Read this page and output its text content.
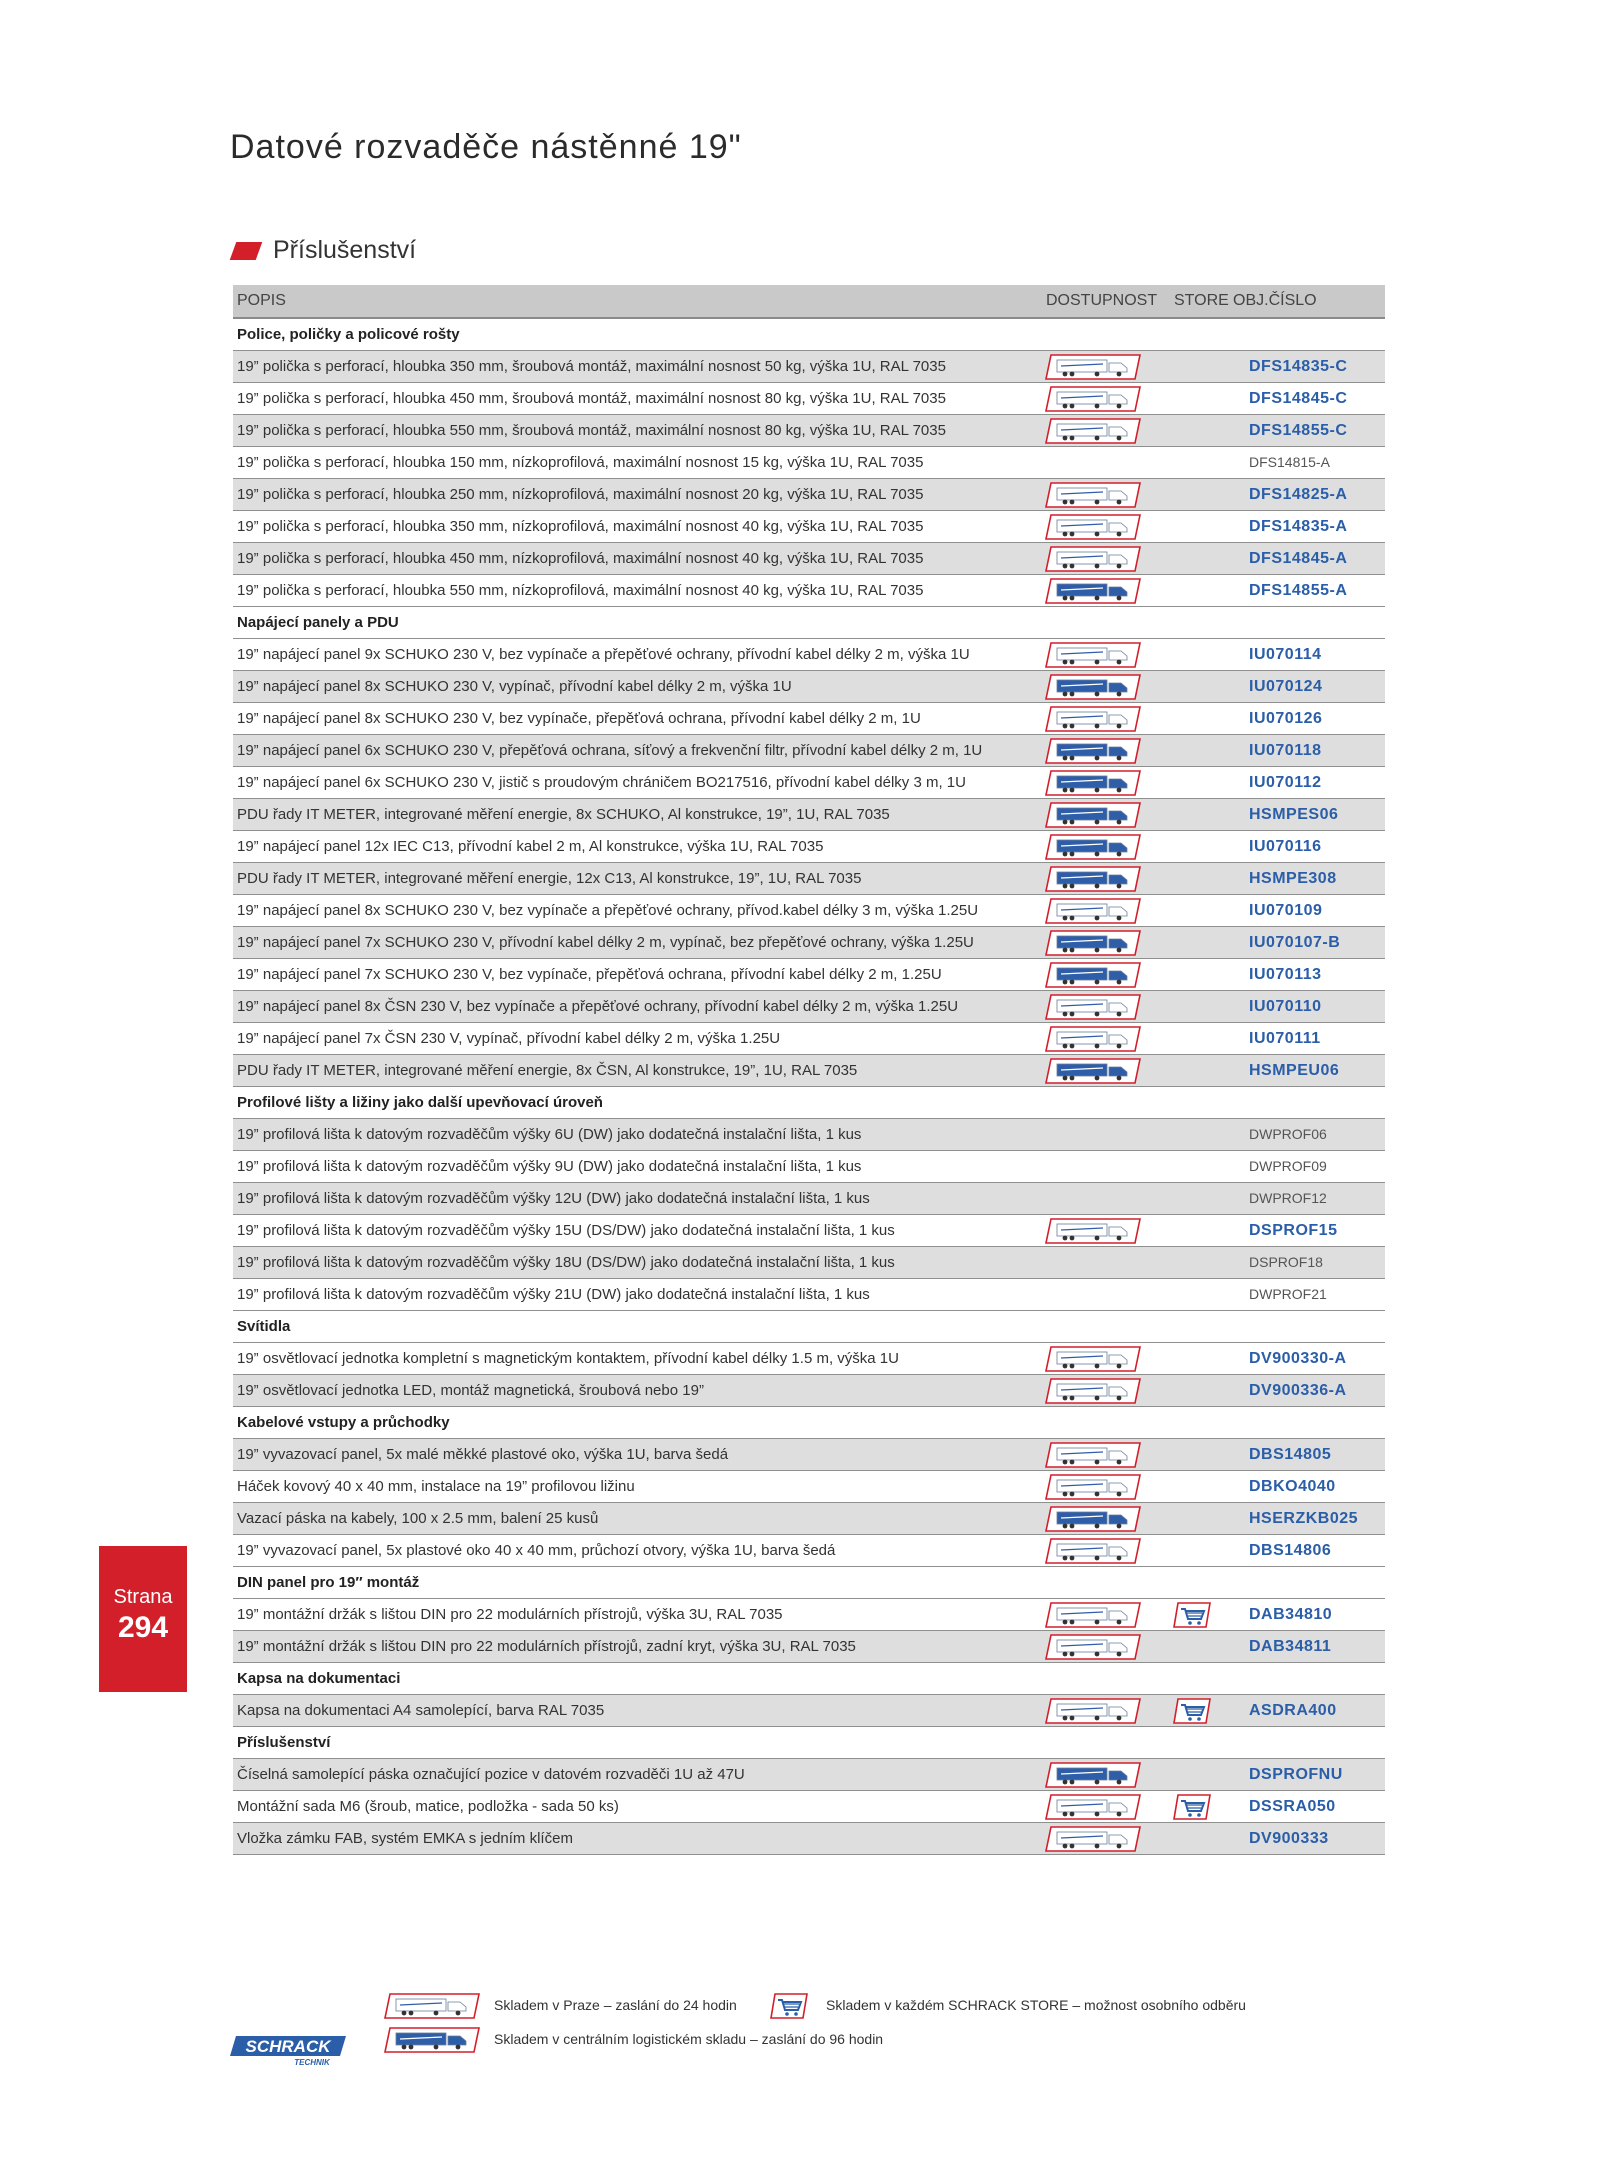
Datové rozvaděče nástěnné 19"
Příslušenství
POPIS	DOSTUPNOST STORE OBJ.ČÍSLO
Police, poličky a policové rošty
19” polička s perforací, hloubka 350 mm, šroubová montáž, maximální nosnost 50 kg, výška 1U, RAL 7035	DFS14835-C
19” polička s perforací, hloubka 450 mm, šroubová montáž, maximální nosnost 80 kg, výška 1U, RAL 7035	DFS14845-C
19” polička s perforací, hloubka 550 mm, šroubová montáž, maximální nosnost 80 kg, výška 1U, RAL 7035	DFS14855-C
19” polička s perforací, hloubka 150 mm, nízkoprofilová, maximální nosnost 15 kg, výška 1U, RAL 7035	DFS14815-A
19” polička s perforací, hloubka 250 mm, nízkoprofilová, maximální nosnost 20 kg, výška 1U, RAL 7035	DFS14825-A
19” polička s perforací, hloubka 350 mm, nízkoprofilová, maximální nosnost 40 kg, výška 1U, RAL 7035	DFS14835-A
19” polička s perforací, hloubka 450 mm, nízkoprofilová, maximální nosnost 40 kg, výška 1U, RAL 7035	DFS14845-A
19” polička s perforací, hloubka 550 mm, nízkoprofilová, maximální nosnost 40 kg, výška 1U, RAL 7035	DFS14855-A
Napájecí panely a PDU
19” napájecí panel 9x SCHUKO 230 V, bez vypínače a přepěťové ochrany, přívodní kabel délky 2 m, výška 1U	IU070114
19” napájecí panel 8x SCHUKO 230 V, vypínač, přívodní kabel délky 2 m, výška 1U	IU070124
19” napájecí panel 8x SCHUKO 230 V, bez vypínače, přepěťová ochrana, přívodní kabel délky 2 m, 1U	IU070126
19” napájecí panel 6x SCHUKO 230 V, přepěťová ochrana, síťový a frekvenční filtr, přívodní kabel délky 2 m, 1U	IU070118
19” napájecí panel 6x SCHUKO 230 V, jistič s proudovým chráničem BO217516, přívodní kabel délky 3 m, 1U	IU070112
PDU řady IT METER, integrované měření energie, 8x SCHUKO, Al konstrukce, 19”, 1U, RAL 7035	HSMPES06
19” napájecí panel 12x IEC C13, přívodní kabel 2 m, Al konstrukce, výška 1U, RAL 7035	IU070116
PDU řady IT METER, integrované měření energie, 12x C13, Al konstrukce, 19”, 1U, RAL 7035	HSMPE308
19” napájecí panel 8x SCHUKO 230 V, bez vypínače a přepěťové ochrany, přívod.kabel délky 3 m, výška 1.25U	IU070109
19” napájecí panel 7x SCHUKO 230 V, přívodní kabel délky 2 m, vypínač, bez přepěťové ochrany, výška 1.25U	IU070107-B
19” napájecí panel 7x SCHUKO 230 V, bez vypínače, přepěťová ochrana, přívodní kabel délky 2 m, 1.25U	IU070113
19” napájecí panel 8x ČSN 230 V, bez vypínače a přepěťové ochrany, přívodní kabel délky 2 m, výška 1.25U	IU070110
19” napájecí panel 7x ČSN 230 V, vypínač, přívodní kabel délky 2 m, výška 1.25U	IU070111
PDU řady IT METER, integrované měření energie, 8x ČSN, Al konstrukce, 19”, 1U, RAL 7035	HSMPEU06
Profilové lišty a ližiny jako další upevňovací úroveň
19” profilová lišta k datovým rozvaděčům výšky 6U (DW) jako dodatečná instalační lišta, 1 kus	DWPROF06
19” profilová lišta k datovým rozvaděčům výšky 9U (DW) jako dodatečná instalační lišta, 1 kus	DWPROF09
19” profilová lišta k datovým rozvaděčům výšky 12U (DW) jako dodatečná instalační lišta, 1 kus	DWPROF12
19” profilová lišta k datovým rozvaděčům výšky 15U (DS/DW) jako dodatečná instalační lišta, 1 kus	DSPROF15
19” profilová lišta k datovým rozvaděčům výšky 18U (DS/DW) jako dodatečná instalační lišta, 1 kus	DSPROF18
19” profilová lišta k datovým rozvaděčům výšky 21U (DW) jako dodatečná instalační lišta, 1 kus	DWPROF21
Svítidla
19” osvětlovací jednotka kompletní s magnetickým kontaktem, přívodní kabel délky 1.5 m, výška 1U	DV900330-A
19” osvětlovací jednotka LED, montáž magnetická, šroubová nebo 19”	DV900336-A
Kabelové vstupy a průchodky
19” vyvazovací panel, 5x malé měkké plastové oko, výška 1U, barva šedá	DBS14805
Háček kovový 40 x 40 mm, instalace na 19” profilovou ližinu	DBKO4040
Vazací páska na kabely, 100 x 2.5 mm, balení 25 kusů	HSERZKB025
19” vyvazovací panel, 5x plastové oko 40 x 40 mm, průchozí otvory, výška 1U, barva šedá	DBS14806
DIN panel pro 19′′ montáž
19” montážní držák s lištou DIN pro 22 modulárních přístrojů, výška 3U, RAL 7035	DAB34810
19” montážní držák s lištou DIN pro 22 modulárních přístrojů, zadní kryt, výška 3U, RAL 7035	DAB34811
Kapsa na dokumentaci
Kapsa na dokumentaci A4 samolepící, barva RAL 7035	ASDRA400
Příslušenství
Číselná samolepící páska označující pozice v datovém rozvaděči 1U až 47U	DSPROFNU
Montážní sada M6 (šroub, matice, podložka - sada 50 ks)	DSSRA050
Vložka zámku FAB, systém EMKA s jedním klíčem	DV900333
Strana
294
Skladem v Praze – zaslání do 24 hodin
Skladem v centrálním logistickém skladu – zaslání do 96 hodin
Skladem v každém SCHRACK STORE – možnost osobního odběru
SCHRACK
TECHNIK
